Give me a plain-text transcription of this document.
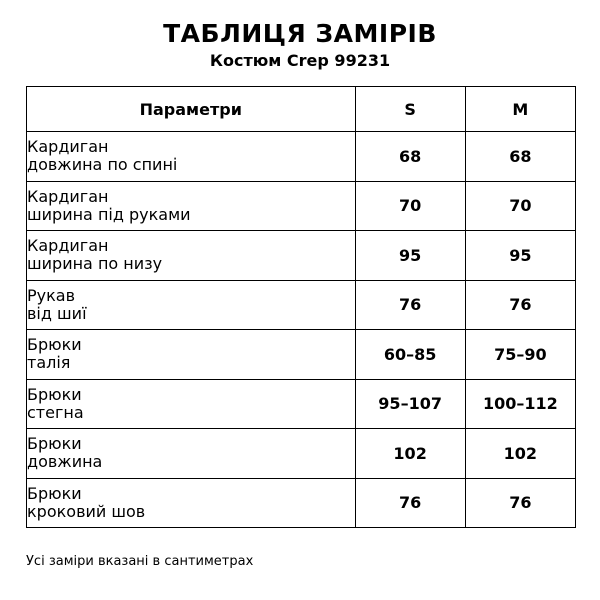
ТАБЛИЦЯ ЗАМІРІВ
Костюм Crep 99231
Параметри	S	M

Кардиган
довжина по спині	68	68

Кардиган
ширина під руками	70	70

Кардиган
ширина по низу	95	95

Рукав
від шиї	76	76

Брюки
талія	60–85	75–90

Брюки
стегна	95–107	100–112

Брюки
довжина	102	102

Брюки
кроковий шов	76	76
Усі заміри вказані в сантиметрах
